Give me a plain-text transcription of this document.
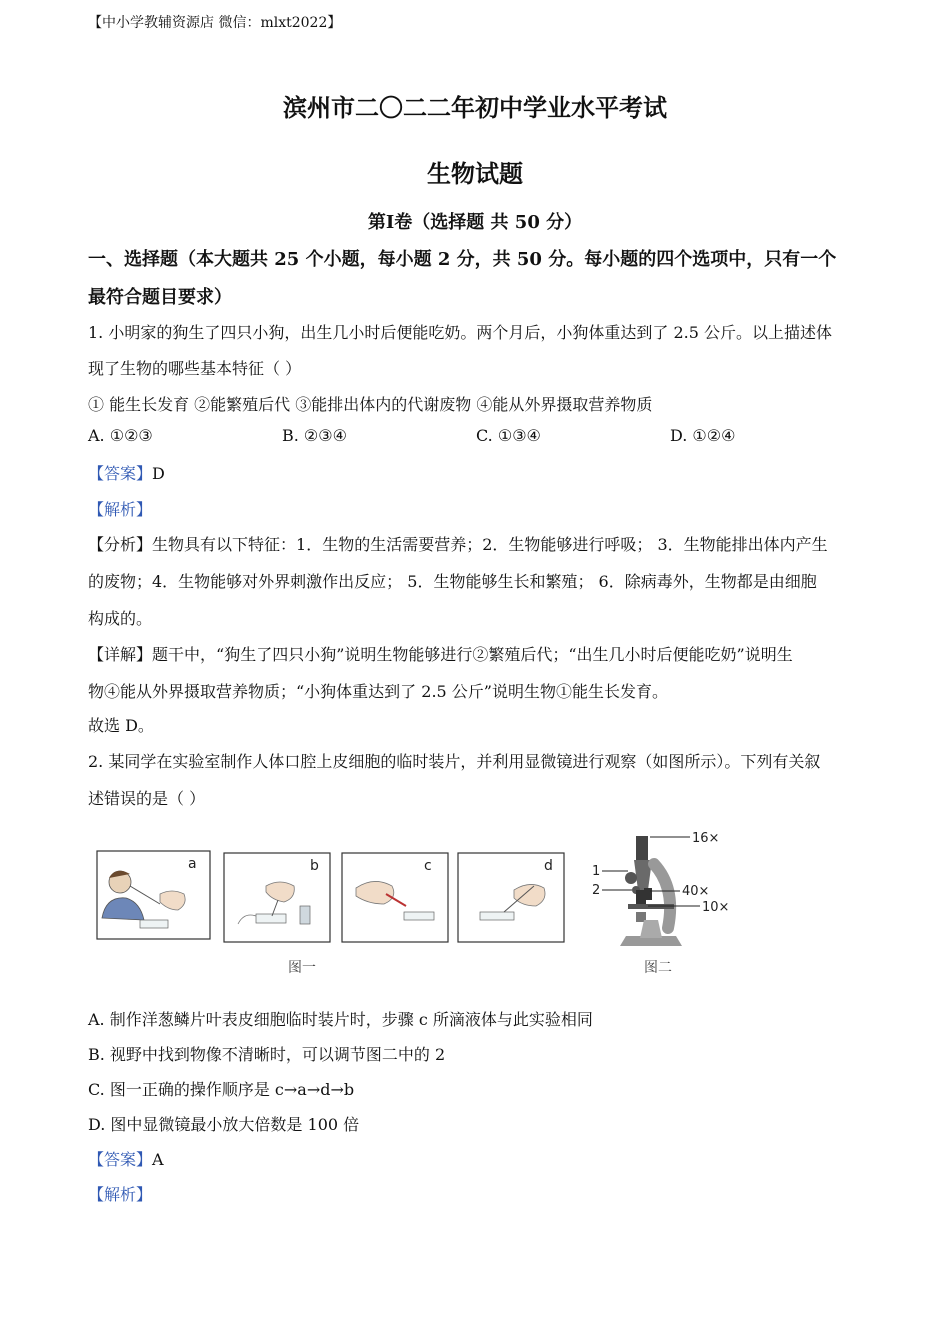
【中小学教辅资源店 微信：mlxt2022】
滨州市二〇二二年初中学业水平考试
生物试题
第Ⅰ卷（选择题 共 50 分）
一、选择题（本大题共 25 个小题，每小题 2 分，共 50 分。每小题的四个选项中，只有一个
最符合题目要求）
1. 小明家的狗生了四只小狗，出生几小时后便能吃奶。两个月后，小狗体重达到了 2.5 公斤。以上描述体
现了生物的哪些基本特征（ ）
① 能生长发育 ②能繁殖后代 ③能排出体内的代谢废物 ④能从外界摄取营养物质
A. ①②③	B. ②③④	C. ①③④	D. ①②④
【答案】D
【解析】
【分析】生物具有以下特征：1．生物的生活需要营养；2．生物能够进行呼吸； 3．生物能排出体内产生
的废物；4．生物能够对外界刺激作出反应； 5．生物能够生长和繁殖； 6．除病毒外，生物都是由细胞
构成的。
【详解】题干中，“狗生了四只小狗”说明生物能够进行②繁殖后代；“出生几小时后便能吃奶”说明生
物④能从外界摄取营养物质；“小狗体重达到了 2.5 公斤”说明生物①能生长发育。
故选 D。
2. 某同学在实验室制作人体口腔上皮细胞的临时装片，并利用显微镜进行观察（如图所示）。下列有关叙
述错误的是（ ）
a	b	c	d
图一
16×
1
2	40×
10×
图二
A. 制作洋葱鳞片叶表皮细胞临时装片时，步骤 c 所滴液体与此实验相同
B. 视野中找到物像不清晰时，可以调节图二中的 2
C. 图一正确的操作顺序是 c→a→d→b
D. 图中显微镜最小放大倍数是 100 倍
【答案】A
【解析】
